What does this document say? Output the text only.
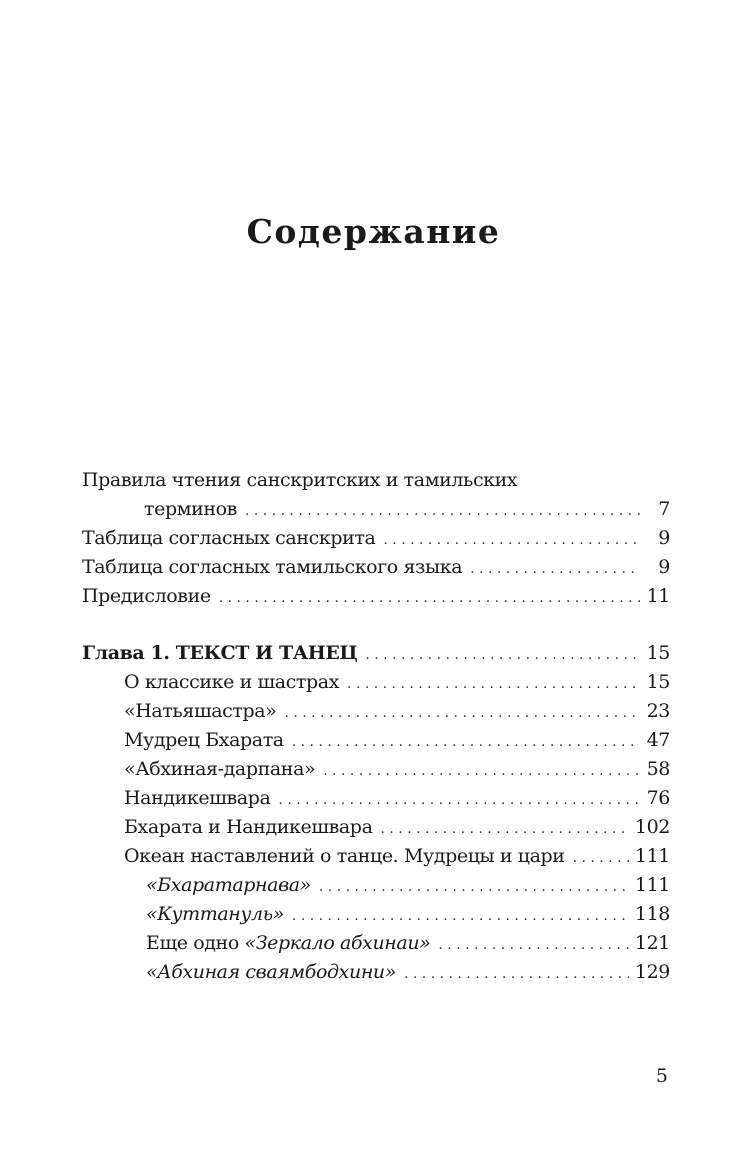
Содержание
Правила чтения санскритских и тамильских
терминов . . .	7
Таблица согласных санскрита . . .	9
Таблица согласных тамильского языка . . .	9
Предисловие . . .	11
Глава 1. ТЕКСТ И ТАНЕЦ . . .	15
О классике и шастрах . . .	15
«Натьяшастра» . . .	23
Мудрец Бхарата . . .	47
«Абхиная-дарпана» . . .	58
Нандикешвара . . .	76
Бхарата и Нандикешвара . . .	102
Океан наставлений о танце. Мудрецы и цари . . .	111
«Бхаратарнава» . . .	111
«Куттануль» . . .	118
Еще одно «Зеркало абхинаи» . . .	121
«Абхиная сваямбодхини» . . .	129

5
